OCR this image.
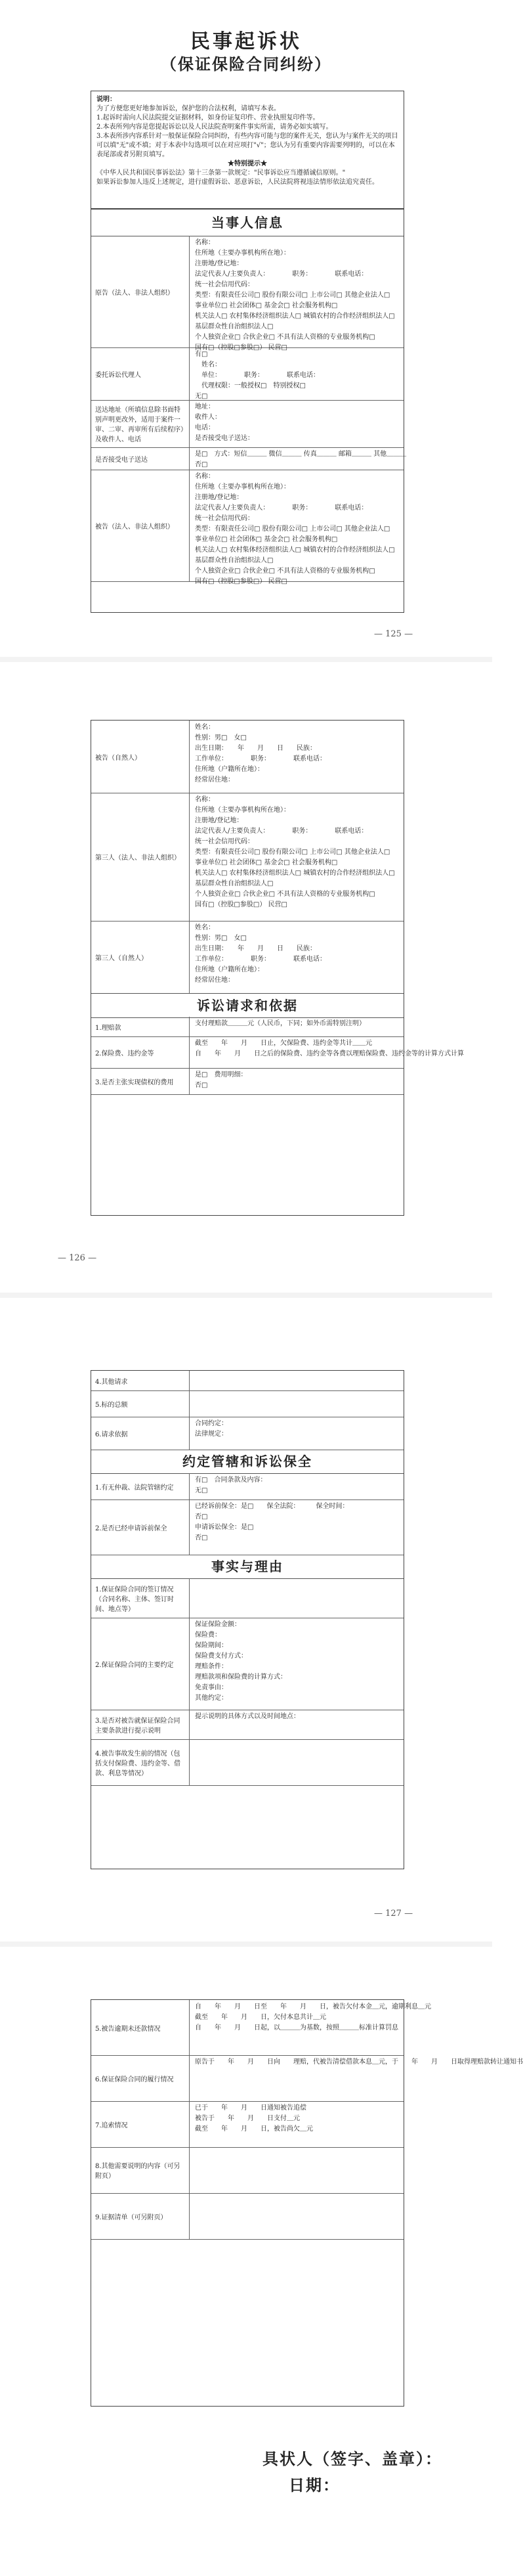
民事起诉状
（保证保险合同纠纷）

说明：

为了方便您更好地参加诉讼，保护您的合法权利，请填写本表。

1.起诉时需向人民法院提交证据材料，如身份证复印件、营业执照复印件等。

2.本表所列内容是您提起诉讼以及人民法院查明案件事实所需，请务必如实填写。

3.本表所涉内容系针对一般保证保险合同纠纷，有些内容可能与您的案件无关，您认为与案件无关的项目可以填"无"或不填；对于本表中勾选项可以在对应项打"√"；您认为另有重要内容需要列明的，可以在本表尾部或者另附页填写。

★特别提示★

《中华人民共和国民事诉讼法》第十三条第一款规定："民事诉讼应当遵循诚信原则。"

如果诉讼参加人违反上述规定，进行虚假诉讼、恶意诉讼，人民法院将视违法情形依法追究责任。

当事人信息
原告（法人、非法人组织）

名称：

住所地（主要办事机构所在地）：

注册地/登记地：

法定代表人/主要负责人：　　　　职务：　　　　联系电话：

统一社会信用代码：

类型：有限责任公司□ 股份有限公司□ 上市公司□ 其他企业法人□

事业单位□ 社会团体□ 基金会□ 社会服务机构□

机关法人□ 农村集体经济组织法人□ 城镇农村的合作经济组织法人□

基层群众性自治组织法人□

个人独资企业□ 合伙企业□ 不具有法人资格的专业服务机构□

国有□（控股□参股□） 民营□

委托诉讼代理人

有□

　姓名：

　单位：　　　　职务：　　　　联系电话：

　代理权限：一般授权□　特别授权□

无□

送达地址（所填信息除书面特别声明更改外，适用于案件一审、二审、再审所有后续程序）及收件人、电话

地址：

收件人：

电话：

是否接受电子送达：

是否接受电子送达

是□　方式：短信＿＿＿ 微信＿＿＿ 传真＿＿＿ 邮箱＿＿＿ 其他＿＿＿

否□

被告（法人、非法人组织）

名称：

住所地（主要办事机构所在地）：

注册地/登记地：

法定代表人/主要负责人：　　　　职务：　　　　联系电话：

统一社会信用代码：

类型：有限责任公司□ 股份有限公司□ 上市公司□ 其他企业法人□

事业单位□ 社会团体□ 基金会□ 社会服务机构□

机关法人□ 农村集体经济组织法人□ 城镇农村的合作经济组织法人□

基层群众性自治组织法人□

个人独资企业□ 合伙企业□ 不具有法人资格的专业服务机构□

国有□（控股□参股□） 民营□

— 125 —
被告（自然人）

姓名：

性别：男□　女□

出生日期：　　年　　月　　日　　民族：

工作单位：　　　　职务：　　　　联系电话：

住所地（户籍所在地）：

经常居住地：

第三人（法人、非法人组织）

名称：

住所地（主要办事机构所在地）：

注册地/登记地：

法定代表人/主要负责人：　　　　职务：　　　　联系电话：

统一社会信用代码：

类型：有限责任公司□ 股份有限公司□ 上市公司□ 其他企业法人□

事业单位□ 社会团体□ 基金会□ 社会服务机构□

机关法人□ 农村集体经济组织法人□ 城镇农村的合作经济组织法人□

基层群众性自治组织法人□

个人独资企业□ 合伙企业□ 不具有法人资格的专业服务机构□

国有□（控股□参股□） 民营□

第三人（自然人）

姓名：

性别：男□　女□

出生日期：　　年　　月　　日　　民族：

工作单位：　　　　职务：　　　　联系电话：

住所地（户籍所在地）：

经常居住地：

诉讼请求和依据
1.理赔款

支付理赔款＿＿＿元（人民币，下同；如外币需特别注明）

2.保险费、违约金等

截至　　年　　月　　日止，欠保险费、违约金等共计＿＿元

自　　年　　月　　日之后的保险费、违约金等各费以理赔保险费、违约金等的计算方式计算

3.是否主张实现债权的费用

是□　费用明细：

否□

— 126 —
4.其他请求

5.标的总额

6.请求依据

合同约定：

法律规定：

约定管辖和诉讼保全
1.有无仲裁、法院管辖约定

有□　合同条款及内容：

无□

2.是否已经申请诉前保全

已经诉前保全：是□　　保全法院：　　　保全时间：

否□

申请诉讼保全：是□

否□

事实与理由
1.保证保险合同的签订情况（合同名称、主体、签订时间、地点等）

2.保证保险合同的主要约定

保证保险金额：

保险费：

保险期间：

保险费支付方式：

理赔条件：

理赔款项和保险费的计算方式：

免责事由：

其他约定：

3.是否对被告就保证保险合同主要条款进行提示说明

提示说明的具体方式以及时间地点：

4.被告事故发生前的情况（包括支付保险费、违约金等、借款、利息等情况）

— 127 —
5.被告逾期未还款情况

自　　年　　月　　日至　　年　　月　　日，被告欠付本金＿元，逾期利息＿元

截至　　年　　月　　日，欠付本息共计＿元

自　　年　　月　　日起，以＿＿＿为基数，按照＿＿＿标准计算罚息

6.保证保险合同的履行情况

原告于　　年　　月　　日向　　理赔，代被告清偿借款本息＿元，于　　年　　月　　日取得理赔款转让通知书

7.追索情况

已于　　年　　月　　日通知被告追偿

被告于　　年　　月　　日支付＿元

截至　　年　　月　　日，被告尚欠＿元

8.其他需要说明的内容（可另附页）

9.证据清单（可另附页）

具状人（签字、盖章）：
日期：
